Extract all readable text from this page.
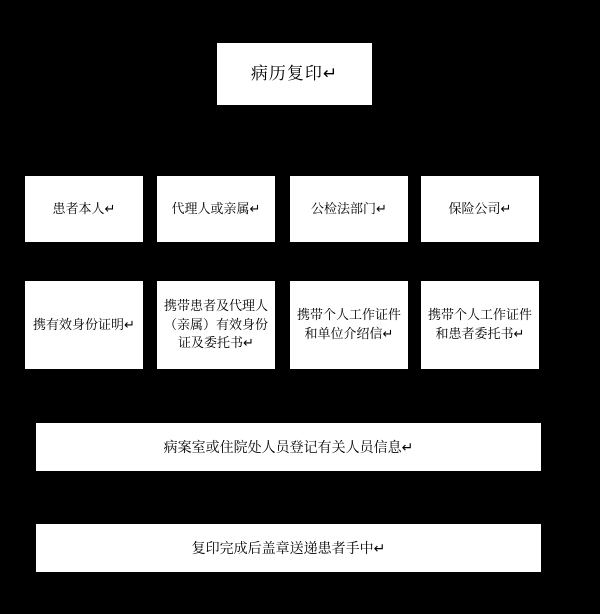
病历复印↵
患者本人↵	代理人或亲属↵	公检法部门↵	保险公司↵
携有效身份证明↵
携带患者及代理人（亲属）有效身份证及委托书↵
携带个人工作证件和单位介绍信↵
携带个人工作证件和患者委托书↵
病案室或住院处人员登记有关人员信息↵
复印完成后盖章送递患者手中↵
